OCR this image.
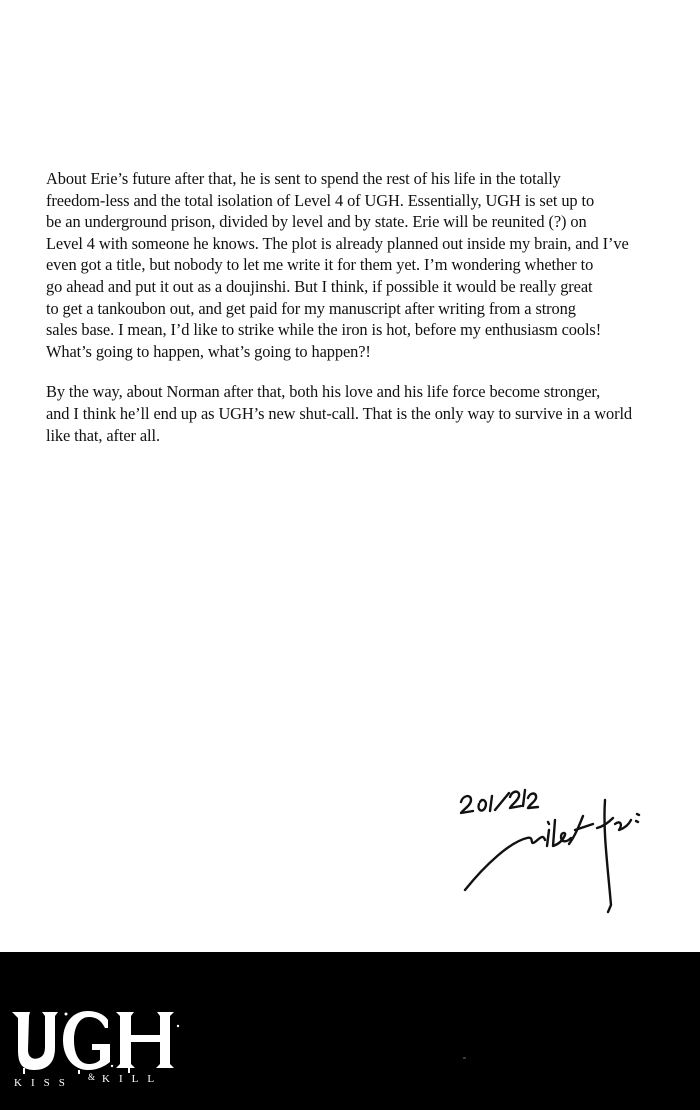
About Erie’s future after that, he is sent to spend the rest of his life in the totally
freedom-less and the total isolation of Level 4 of UGH. Essentially, UGH is set up to
be an underground prison, divided by level and by state. Erie will be reunited (?) on
Level 4 with someone he knows. The plot is already planned out inside my brain, and I’ve
even got a title, but nobody to let me write it for them yet. I’m wondering whether to
go ahead and put it out as a doujinshi. But I think, if possible it would be really great
to get a tankoubon out, and get paid for my manuscript after writing from a strong
sales base. I mean, I’d like to strike while the iron is hot, before my enthusiasm cools!
What’s going to happen, what’s going to happen?!

By the way, about Norman after that, both his love and his life force become stronger,
and I think he’ll end up as UGH’s new shut-call. That is the only way to survive in a world
like that, after all.

KISS & KILL
